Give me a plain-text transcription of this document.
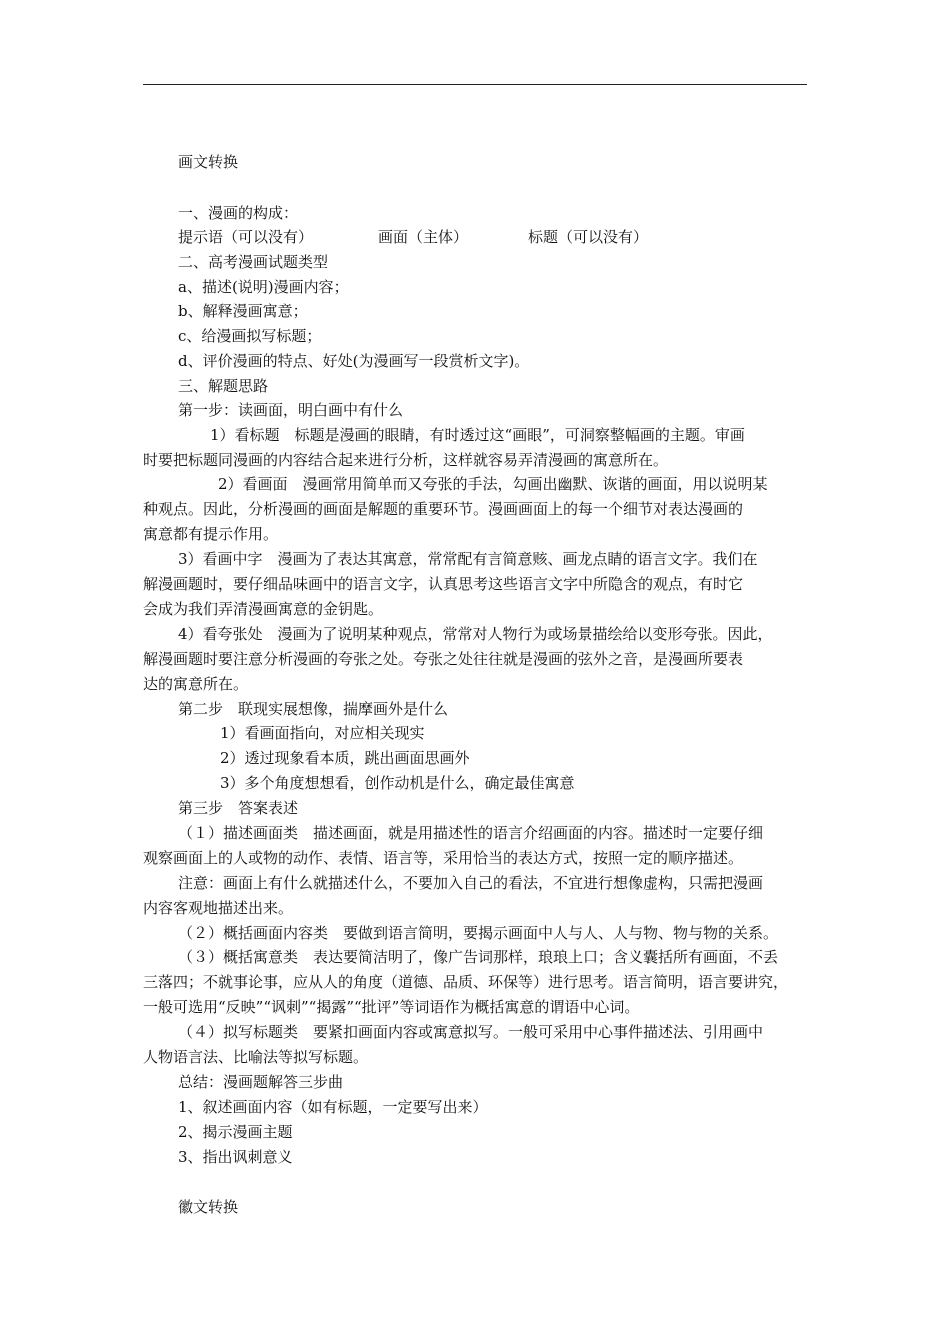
画文转换
一、漫画的构成：
提示语（可以没有）	画面（主体）	标题（可以没有）
二、高考漫画试题类型
a、描述(说明)漫画内容；
b、解释漫画寓意；
c、给漫画拟写标题；
d、评价漫画的特点、好处(为漫画写一段赏析文字)。
三、解题思路
第一步：读画面，明白画中有什么
1）看标题　标题是漫画的眼睛，有时透过这“画眼”，可洞察整幅画的主题。审画
时要把标题同漫画的内容结合起来进行分析，这样就容易弄清漫画的寓意所在。
2）看画面　漫画常用简单而又夸张的手法，勾画出幽默、诙谐的画面，用以说明某
种观点。因此，分析漫画的画面是解题的重要环节。漫画画面上的每一个细节对表达漫画的
寓意都有提示作用。
3）看画中字　漫画为了表达其寓意，常常配有言简意赅、画龙点睛的语言文字。我们在
解漫画题时，要仔细品味画中的语言文字，认真思考这些语言文字中所隐含的观点，有时它
会成为我们弄清漫画寓意的金钥匙。
4）看夸张处　漫画为了说明某种观点，常常对人物行为或场景描绘给以变形夸张。因此，
解漫画题时要注意分析漫画的夸张之处。夸张之处往往就是漫画的弦外之音，是漫画所要表
达的寓意所在。
第二步　联现实展想像，揣摩画外是什么
1）看画面指向，对应相关现实
2）透过现象看本质，跳出画面思画外
3）多个角度想想看，创作动机是什么，确定最佳寓意
第三步　答案表述
（１）描述画面类　描述画面，就是用描述性的语言介绍画面的内容。描述时一定要仔细
观察画面上的人或物的动作、表情、语言等，采用恰当的表达方式，按照一定的顺序描述。
注意：画面上有什么就描述什么，不要加入自己的看法，不宜进行想像虚构，只需把漫画
内容客观地描述出来。
（２）概括画面内容类　要做到语言简明，要揭示画面中人与人、人与物、物与物的关系。
（３）概括寓意类　表达要简洁明了，像广告词那样，琅琅上口；含义囊括所有画面，不丢
三落四；不就事论事，应从人的角度（道德、品质、环保等）进行思考。语言简明，语言要讲究，
一般可选用“反映”“讽刺”“揭露”“批评”等词语作为概括寓意的谓语中心词。
（４）拟写标题类　要紧扣画面内容或寓意拟写。一般可采用中心事件描述法、引用画中
人物语言法、比喻法等拟写标题。
总结：漫画题解答三步曲
1、叙述画面内容（如有标题，一定要写出来）
2、揭示漫画主题
3、指出讽刺意义
徽文转换
